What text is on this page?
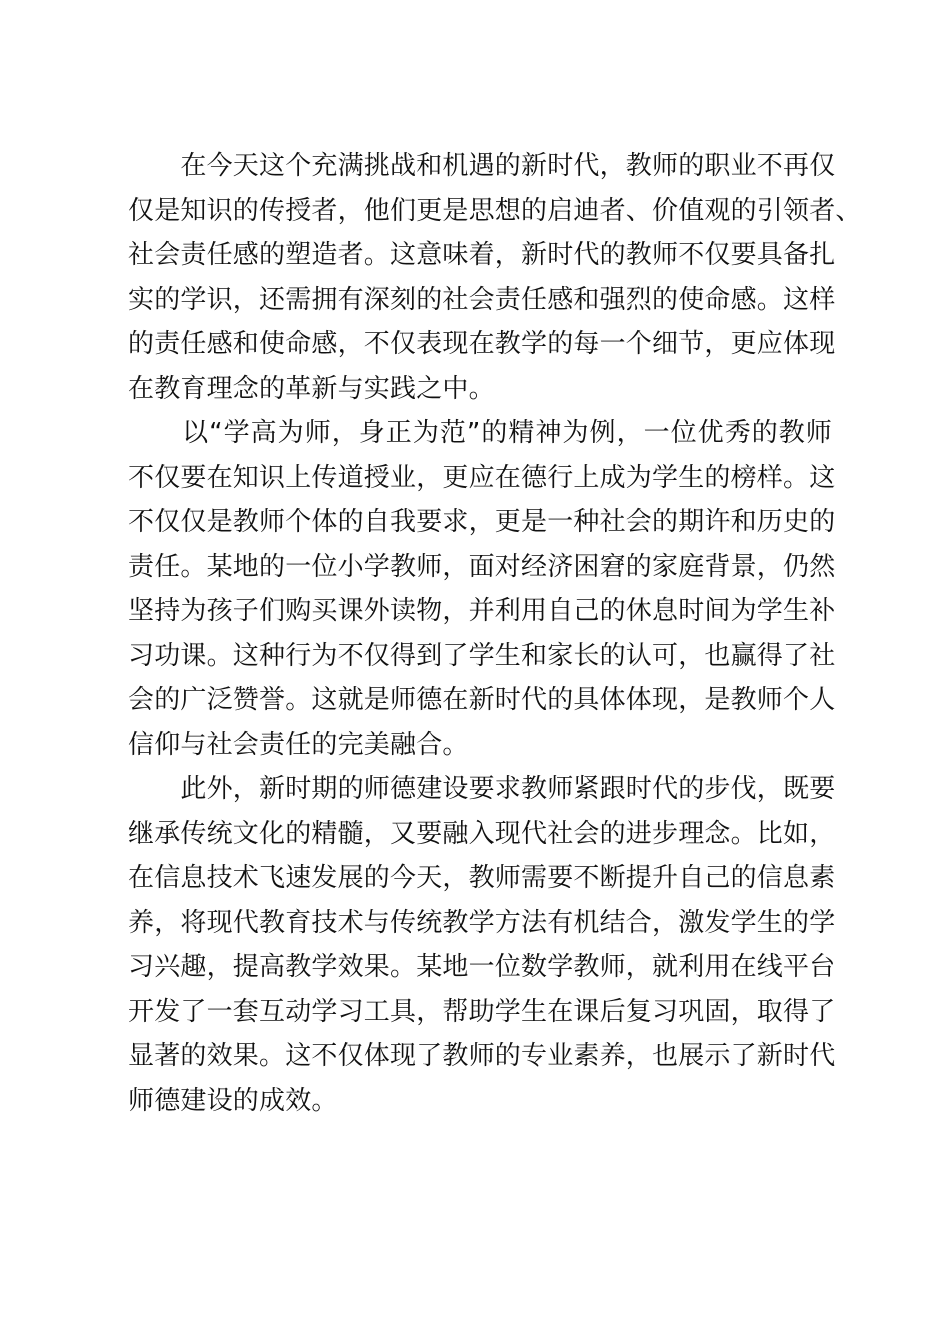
　　在今天这个充满挑战和机遇的新时代，教师的职业不再仅
仅是知识的传授者，他们更是思想的启迪者、价值观的引领者、
社会责任感的塑造者。这意味着，新时代的教师不仅要具备扎
实的学识，还需拥有深刻的社会责任感和强烈的使命感。这样
的责任感和使命感，不仅表现在教学的每一个细节，更应体现
在教育理念的革新与实践之中。
　　以“学高为师，身正为范”的精神为例，一位优秀的教师
不仅要在知识上传道授业，更应在德行上成为学生的榜样。这
不仅仅是教师个体的自我要求，更是一种社会的期许和历史的
责任。某地的一位小学教师，面对经济困窘的家庭背景，仍然
坚持为孩子们购买课外读物，并利用自己的休息时间为学生补
习功课。这种行为不仅得到了学生和家长的认可，也赢得了社
会的广泛赞誉。这就是师德在新时代的具体体现，是教师个人
信仰与社会责任的完美融合。
　　此外，新时期的师德建设要求教师紧跟时代的步伐，既要
继承传统文化的精髓，又要融入现代社会的进步理念。比如，
在信息技术飞速发展的今天，教师需要不断提升自己的信息素
养，将现代教育技术与传统教学方法有机结合，激发学生的学
习兴趣，提高教学效果。某地一位数学教师，就利用在线平台
开发了一套互动学习工具，帮助学生在课后复习巩固，取得了
显著的效果。这不仅体现了教师的专业素养，也展示了新时代
师德建设的成效。
